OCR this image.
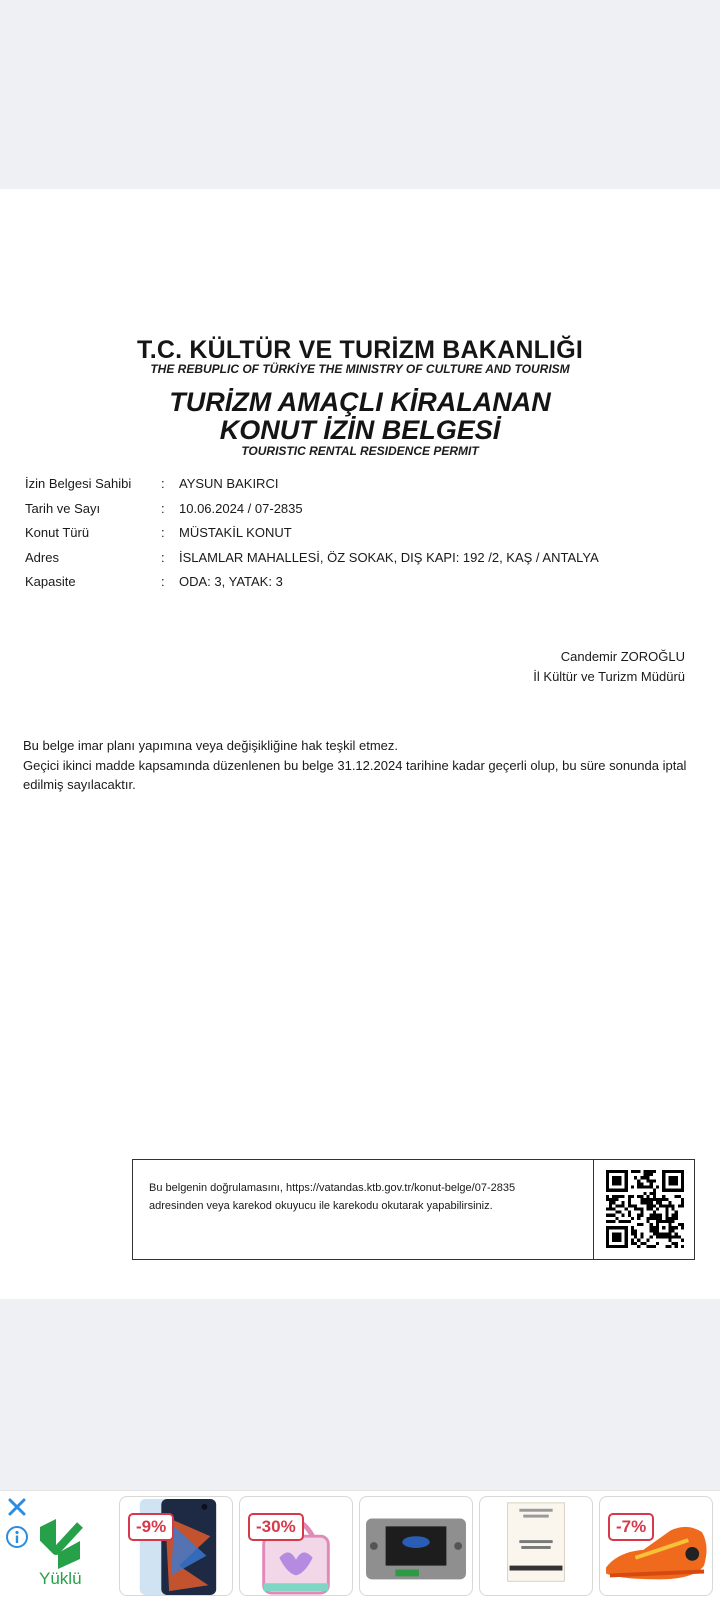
T.C. KÜLTÜR VE TURİZM BAKANLIĞI
THE REBUPLIC OF TÜRKİYE THE MINISTRY OF CULTURE AND TOURISM
TURİZM AMAÇLI KİRALANAN
KONUT İZİN BELGESİ
TOURISTIC RENTAL RESIDENCE PERMIT
İzin Belgesi Sahibi : AYSUN BAKIRCI
Tarih ve Sayı	: 10.06.2024 / 07-2835
Konut Türü	: MÜSTAKİL KONUT
Adres	: İSLAMLAR MAHALLESİ, ÖZ SOKAK, DIŞ KAPI: 192 /2, KAŞ / ANTALYA
Kapasite	: ODA: 3, YATAK: 3
Candemir ZOROĞLU
İl Kültür ve Turizm Müdürü
Bu belge imar planı yapımına veya değişikliğine hak teşkil etmez.
Geçici ikinci madde kapsamında düzenlenen bu belge 31.12.2024 tarihine kadar geçerli olup, bu süre sonunda iptal edilmiş sayılacaktır.
Bu belgenin doğrulamasını, https://vatandas.ktb.gov.tr/konut-belge/07-2835
adresinden veya karekod okuyucu ile karekodu okutarak yapabilirsiniz.
Yüklü
-9%	-30%	-7%
